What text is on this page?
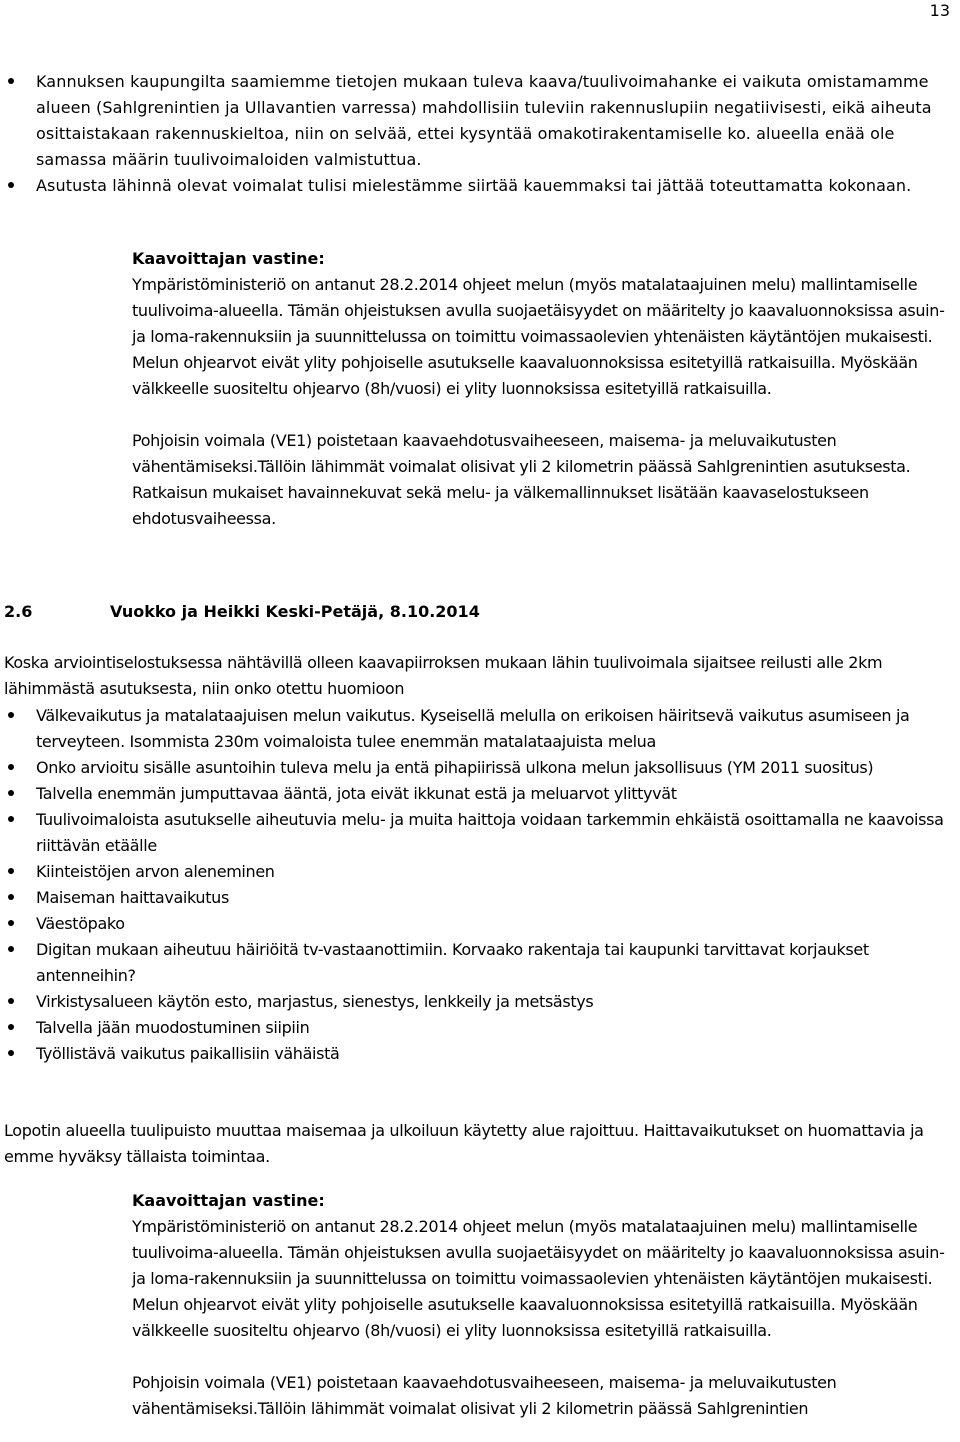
13
Kannuksen kaupungilta saamiemme tietojen mukaan tuleva kaava/tuulivoimahanke ei vaikuta omistamamme alueen (Sahlgrenintien ja Ullavantien varressa) mahdollisiin tuleviin rakennuslupiin negatiivisesti, eikä aiheuta osittaistakaan rakennuskieltoa, niin on selvää, ettei kysyntää omakotirakentamiselle ko. alueella enää ole samassa määrin tuulivoimaloiden valmistuttua.
Asutusta lähinnä olevat voimalat tulisi mielestämme siirtää kauemmaksi tai jättää toteuttamatta kokonaan.
Kaavoittajan vastine:

Ympäristöministeriö on antanut 28.2.2014 ohjeet melun (myös matalataajuinen melu) mallintamiselle tuulivoima-alueella. Tämän ohjeistuksen avulla suojaetäisyydet on määritelty jo kaavaluonnoksissa asuin- ja loma-rakennuksiin ja suunnittelussa on toimittu voimassaolevien yhtenäisten käytäntöjen mukaisesti. Melun ohjearvot eivät ylity pohjoiselle asutukselle kaavaluonnoksissa esitetyillä ratkaisuilla. Myöskään välkkeelle suositeltu ohjearvo (8h/vuosi) ei ylity luonnoksissa esitetyillä ratkaisuilla.

Pohjoisin voimala (VE1) poistetaan kaavaehdotusvaiheeseen, maisema- ja meluvaikutusten vähentämiseksi.Tällöin lähimmät voimalat olisivat yli 2 kilometrin päässä Sahlgrenintien asutuksesta. Ratkaisun mukaiset havainnekuvat sekä melu- ja välkemallinnukset lisätään kaavaselostukseen ehdotusvaiheessa.

2.6	Vuokko ja Heikki Keski-Petäjä, 8.10.2014

Koska arviointiselostuksessa nähtävillä olleen kaavapiirroksen mukaan lähin tuulivoimala sijaitsee reilusti alle 2km lähimmästä asutuksesta, niin onko otettu huomioon

Välkevaikutus ja matalataajuisen melun vaikutus. Kyseisellä melulla on erikoisen häiritsevä vaikutus asumiseen ja terveyteen. Isommista 230m voimaloista tulee enemmän matalataajuista melua
Onko arvioitu sisälle asuntoihin tuleva melu ja entä pihapiirissä ulkona melun jaksollisuus (YM 2011 suositus)
Talvella enemmän jumputtavaa ääntä, jota eivät ikkunat estä ja meluarvot ylittyvät
Tuulivoimaloista asutukselle aiheutuvia melu- ja muita haittoja voidaan tarkemmin ehkäistä osoittamalla ne kaavoissa riittävän etäälle
Kiinteistöjen arvon aleneminen
Maiseman haittavaikutus
Väestöpako
Digitan mukaan aiheutuu häiriöitä tv-vastaanottimiin. Korvaako rakentaja tai kaupunki tarvittavat korjaukset antenneihin?
Virkistysalueen käytön esto, marjastus, sienestys, lenkkeily ja metsästys
Talvella jään muodostuminen siipiin
Työllistävä vaikutus paikallisiin vähäistä

Lopotin alueella tuulipuisto muuttaa maisemaa ja ulkoiluun käytetty alue rajoittuu. Haittavaikutukset on huomattavia ja emme hyväksy tällaista toimintaa.

Kaavoittajan vastine:

Ympäristöministeriö on antanut 28.2.2014 ohjeet melun (myös matalataajuinen melu) mallintamiselle tuulivoima-alueella. Tämän ohjeistuksen avulla suojaetäisyydet on määritelty jo kaavaluonnoksissa asuin- ja loma-rakennuksiin ja suunnittelussa on toimittu voimassaolevien yhtenäisten käytäntöjen mukaisesti. Melun ohjearvot eivät ylity pohjoiselle asutukselle kaavaluonnoksissa esitetyillä ratkaisuilla. Myöskään välkkeelle suositeltu ohjearvo (8h/vuosi) ei ylity luonnoksissa esitetyillä ratkaisuilla.

Pohjoisin voimala (VE1) poistetaan kaavaehdotusvaiheeseen, maisema- ja meluvaikutusten vähentämiseksi.Tällöin lähimmät voimalat olisivat yli 2 kilometrin päässä Sahlgrenintien
